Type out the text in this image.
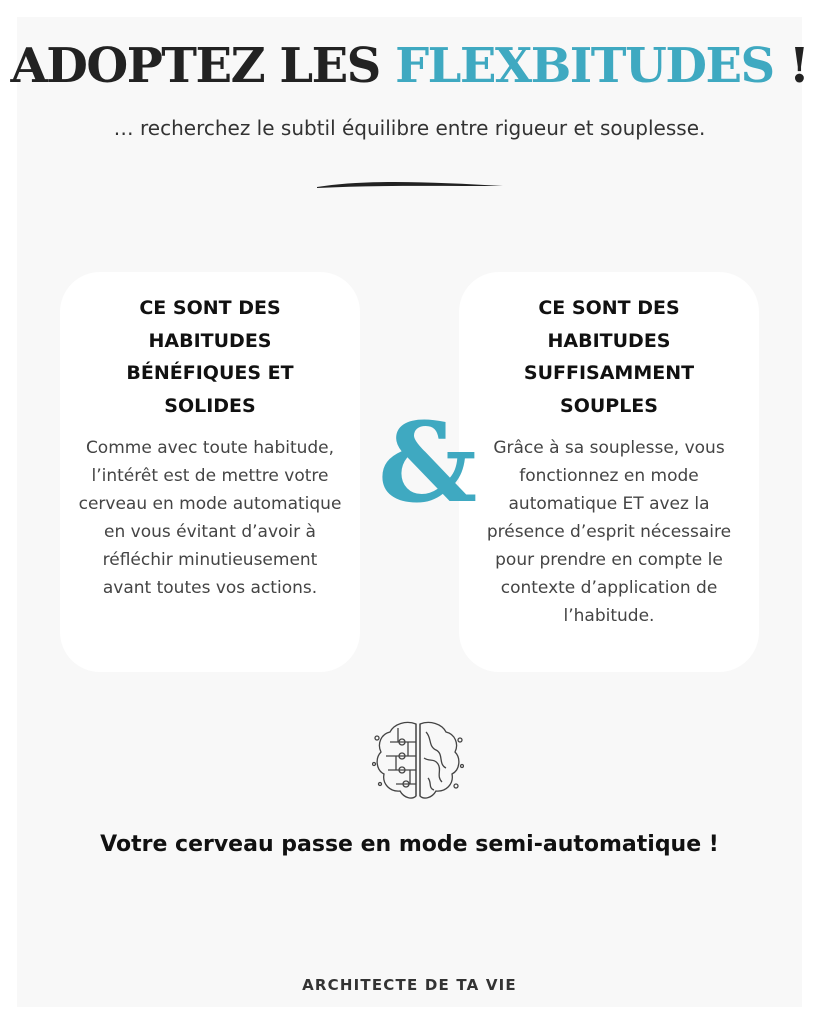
ADOPTEZ LES FLEXBITUDES !
… recherchez le subtil équilibre entre rigueur et souplesse.
CE SONT DES
HABITUDES
BÉNÉFIQUES ET
SOLIDES
Comme avec toute habitude, l’intérêt est de mettre votre cerveau en mode automatique en vous évitant d’avoir à réfléchir minutieusement avant toutes vos actions.
CE SONT DES
HABITUDES
SUFFISAMMENT
SOUPLES
Grâce à sa souplesse, vous fonctionnez en mode automatique ET avez la présence d’esprit nécessaire pour prendre en compte le contexte d’application de l’habitude.
&
Votre cerveau passe en mode semi-automatique !
ARCHITECTE DE TA VIE
